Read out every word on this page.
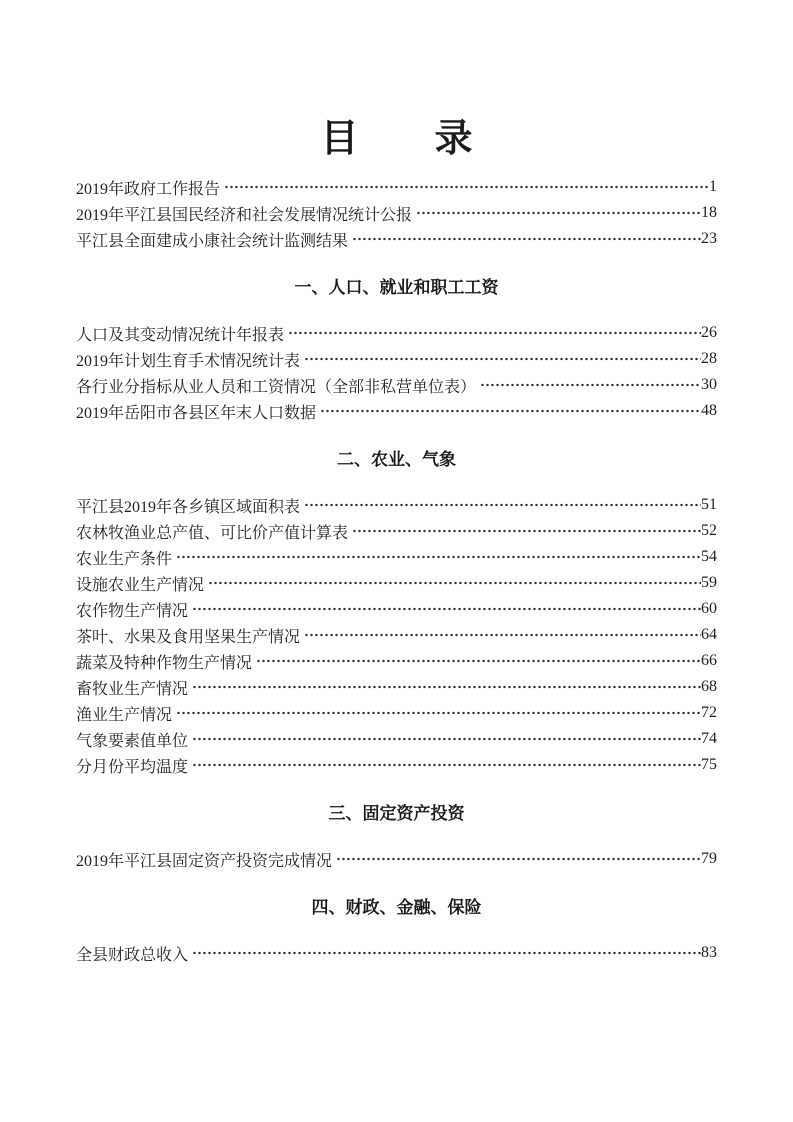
目　　录
2019年政府工作报告	1
2019年平江县国民经济和社会发展情况统计公报	18
平江县全面建成小康社会统计监测结果	23
一、人口、就业和职工工资
人口及其变动情况统计年报表	26
2019年计划生育手术情况统计表	28
各行业分指标从业人员和工资情况（全部非私营单位表）	30
2019年岳阳市各县区年末人口数据	48
二、农业、气象
平江县2019年各乡镇区域面积表	51
农林牧渔业总产值、可比价产值计算表	52
农业生产条件	54
设施农业生产情况	59
农作物生产情况	60
茶叶、水果及食用坚果生产情况	64
蔬菜及特种作物生产情况	66
畜牧业生产情况	68
渔业生产情况	72
气象要素值单位	74
分月份平均温度	75
三、固定资产投资
2019年平江县固定资产投资完成情况	79
四、财政、金融、保险
全县财政总收入	83
